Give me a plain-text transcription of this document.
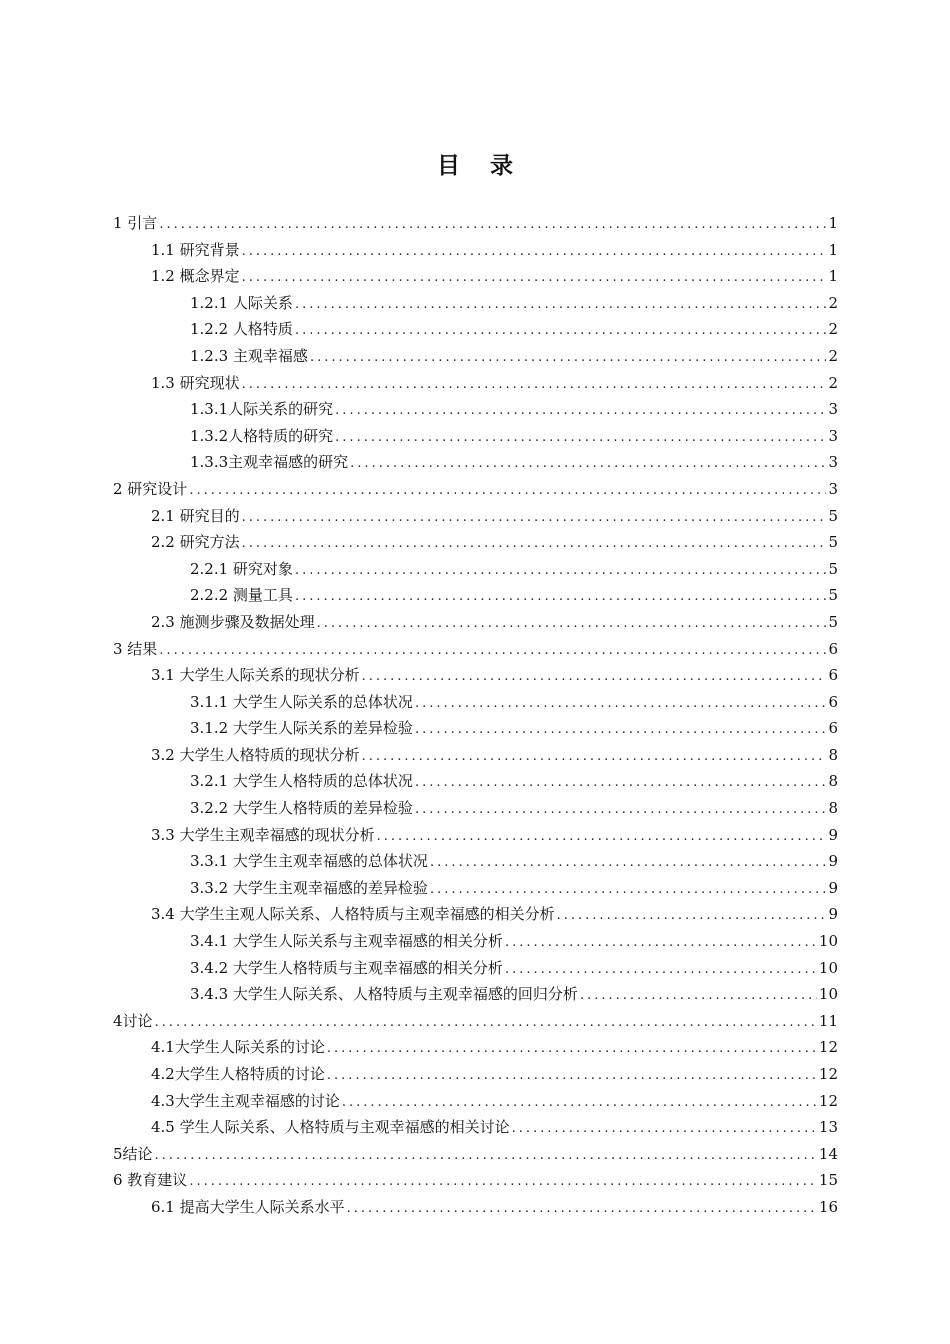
目 录
1 引言 .....	1
1.1 研究背景 .....	1
1.2 概念界定 .....	1
1.2.1 人际关系 .....	2
1.2.2 人格特质 .....	2
1.2.3 主观幸福感 .....	2
1.3 研究现状 .....	2
1.3.1人际关系的研究 .....	3
1.3.2人格特质的研究 .....	3
1.3.3主观幸福感的研究 .....	3
2 研究设计 .....	3
2.1 研究目的 .....	5
2.2 研究方法 .....	5
2.2.1 研究对象 .....	5
2.2.2 测量工具 .....	5
2.3 施测步骤及数据处理 .....	5
3 结果 .....	6
3.1 大学生人际关系的现状分析 .....	6
3.1.1 大学生人际关系的总体状况 .....	6
3.1.2 大学生人际关系的差异检验 .....	6
3.2 大学生人格特质的现状分析 .....	8
3.2.1 大学生人格特质的总体状况 .....	8
3.2.2 大学生人格特质的差异检验 .....	8
3.3 大学生主观幸福感的现状分析 .....	9
3.3.1 大学生主观幸福感的总体状况 .....	9
3.3.2 大学生主观幸福感的差异检验 .....	9
3.4 大学生主观人际关系、人格特质与主观幸福感的相关分析 .....	9
3.4.1 大学生人际关系与主观幸福感的相关分析 .....	10
3.4.2 大学生人格特质与主观幸福感的相关分析 .....	10
3.4.3 大学生人际关系、人格特质与主观幸福感的回归分析 .....	10
4讨论 .....	11
4.1大学生人际关系的讨论 .....	12
4.2大学生人格特质的讨论 .....	12
4.3大学生主观幸福感的讨论 .....	12
4.5 学生人际关系、人格特质与主观幸福感的相关讨论 .....	13
5结论 .....	14
6 教育建议 .....	15
6.1 提高大学生人际关系水平 .....	16
